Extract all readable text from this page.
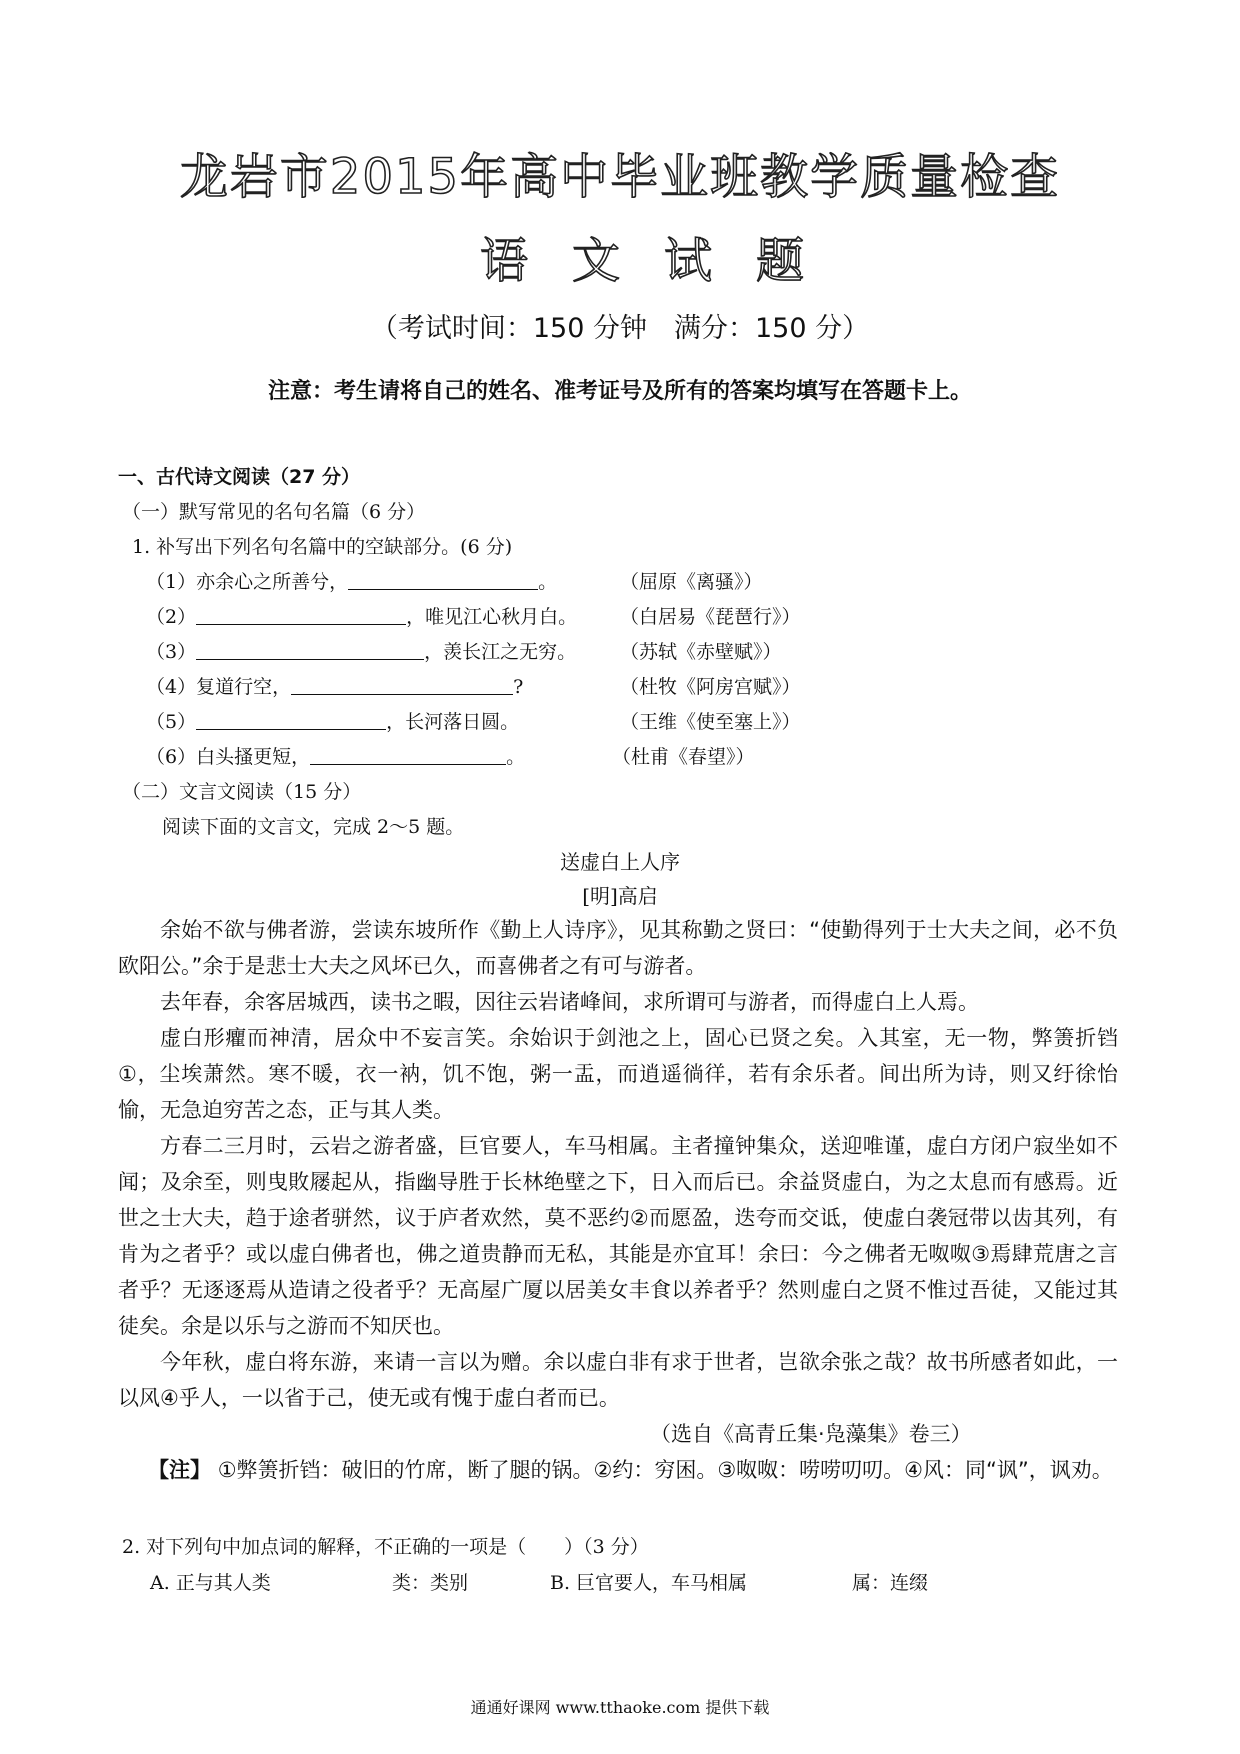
龙岩市2015年高中毕业班教学质量检查
语文试题
（考试时间：150 分钟　满分：150 分）
注意：考生请将自己的姓名、准考证号及所有的答案均填写在答题卡上。
一、古代诗文阅读（27 分）
（一）默写常见的名句名篇（6 分）
1. 补写出下列名句名篇中的空缺部分。(6 分)
（1）亦余心之所善兮，	。	（屈原《离骚》）
（2）	，唯见江心秋月白。 （白居易《琵琶行》）
（3）	，羡长江之无穷。 （苏轼《赤壁赋》）
（4）复道行空，	?	（杜牧《阿房宫赋》）
（5）	，长河落日圆。	（王维《使至塞上》）
（6）白头搔更短，	。	（杜甫《春望》）
（二）文言文阅读（15 分）
阅读下面的文言文，完成 2～5 题。
送虚白上人序
[明]高启
余始不欲与佛者游，尝读东坡所作《勤上人诗序》，见其称勤之贤曰：“使勤得列于士大夫之间，必不负欧阳公。”余于是悲士大夫之风坏已久，而喜佛者之有可与游者。
去年春，余客居城西，读书之暇，因往云岩诸峰间，求所谓可与游者，而得虚白上人焉。
虚白形癯而神清，居众中不妄言笑。余始识于剑池之上，固心已贤之矣。入其室，无一物，弊箦折铛①，尘埃萧然。寒不暖，衣一衲，饥不饱，粥一盂，而逍遥徜徉，若有余乐者。间出所为诗，则又纡徐怡愉，无急迫穷苦之态，正与其人类。
方春二三月时，云岩之游者盛，巨官要人，车马相属。主者撞钟集众，送迎唯谨，虚白方闭户寂坐如不闻；及余至，则曳敗屦起从，指幽导胜于长林绝壁之下，日入而后已。余益贤虚白，为之太息而有感焉。近世之士大夫，趋于途者骈然，议于庐者欢然，莫不恶约②而愿盈，迭夸而交诋，使虚白袭冠带以齿其列，有肯为之者乎？或以虚白佛者也，佛之道贵静而无私，其能是亦宜耳！余曰：今之佛者无呶呶③焉肆荒唐之言者乎？无逐逐焉从造请之役者乎？无高屋广厦以居美女丰食以养者乎？然则虚白之贤不惟过吾徒，又能过其徒矣。余是以乐与之游而不知厌也。
今年秋，虚白将东游，来请一言以为赠。余以虚白非有求于世者，岂欲余张之哉？故书所感者如此，一以风④乎人，一以省于己，使无或有愧于虚白者而已。
（选自《高青丘集·凫藻集》卷三）
【注】 ①弊箦折铛：破旧的竹席，断了腿的锅。②约：穷困。③呶呶：唠唠叨叨。④风：同“讽”，讽劝。
2. 对下列句中加点词的解释，不正确的一项是（　　）（3 分）
A. 正与其人类	类：类别	B. 巨官要人，车马相属	属：连缀
通通好课网 www.tthaoke.com 提供下载
